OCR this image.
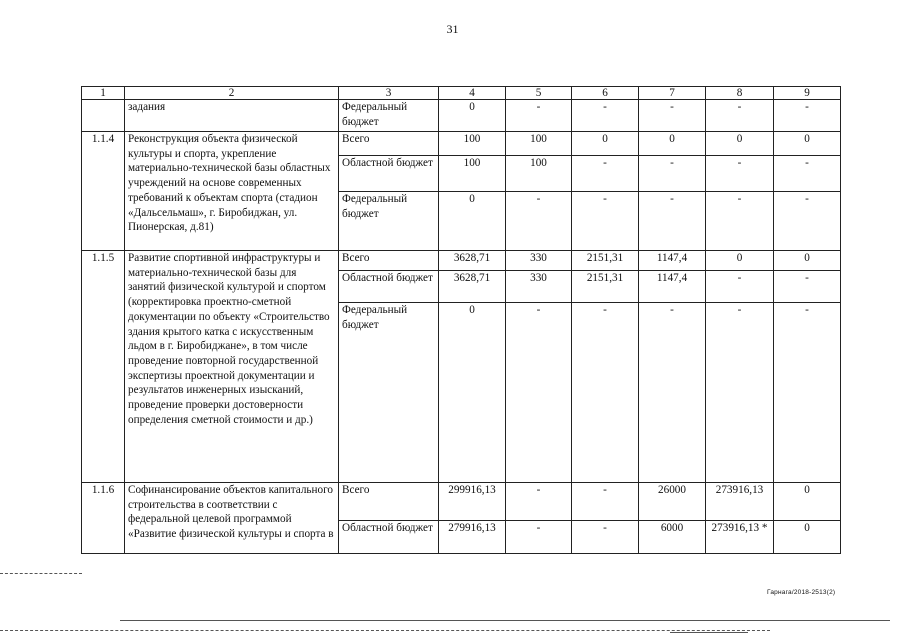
31
1	2	3	4	5	6	7	8	9
	задания	Федеральный бюджет	0	-	-	-	-	-
1.1.4	Реконструкция объекта физической культуры и спорта, укрепление материально-технической базы областных учреждений на основе современных требований к объектам спорта (стадион «Дальсельмаш», г. Биробиджан, ул. Пионерская, д.81)	Всего	100	100	0	0	0	0
		Областной бюджет	100	100	-	-	-	-
		Федеральный бюджет	0	-	-	-	-	-
1.1.5	Развитие спортивной инфраструктуры и материально-технической базы для занятий физической культурой и спортом (корректировка проектно-сметной документации по объекту «Строительство здания крытого катка с искусственным льдом в г. Биробиджане», в том числе проведение повторной государственной экспертизы проектной документации и результатов инженерных изысканий, проведение проверки достоверности определения сметной стоимости и др.)	Всего	3628,71	330	2151,31	1147,4	0	0
		Областной бюджет	3628,71	330	2151,31	1147,4	-	-
		Федеральный бюджет	0	-	-	-	-	-
1.1.6	Софинансирование объектов капитального строительства в соответствии с федеральной целевой программой «Развитие физической культуры и спорта в	Всего	299916,13	-	-	26000	273916,13	0
		Областной бюджет	279916,13	-	-	6000	273916,13 *	0
Гарнага/2018-2513(2)
